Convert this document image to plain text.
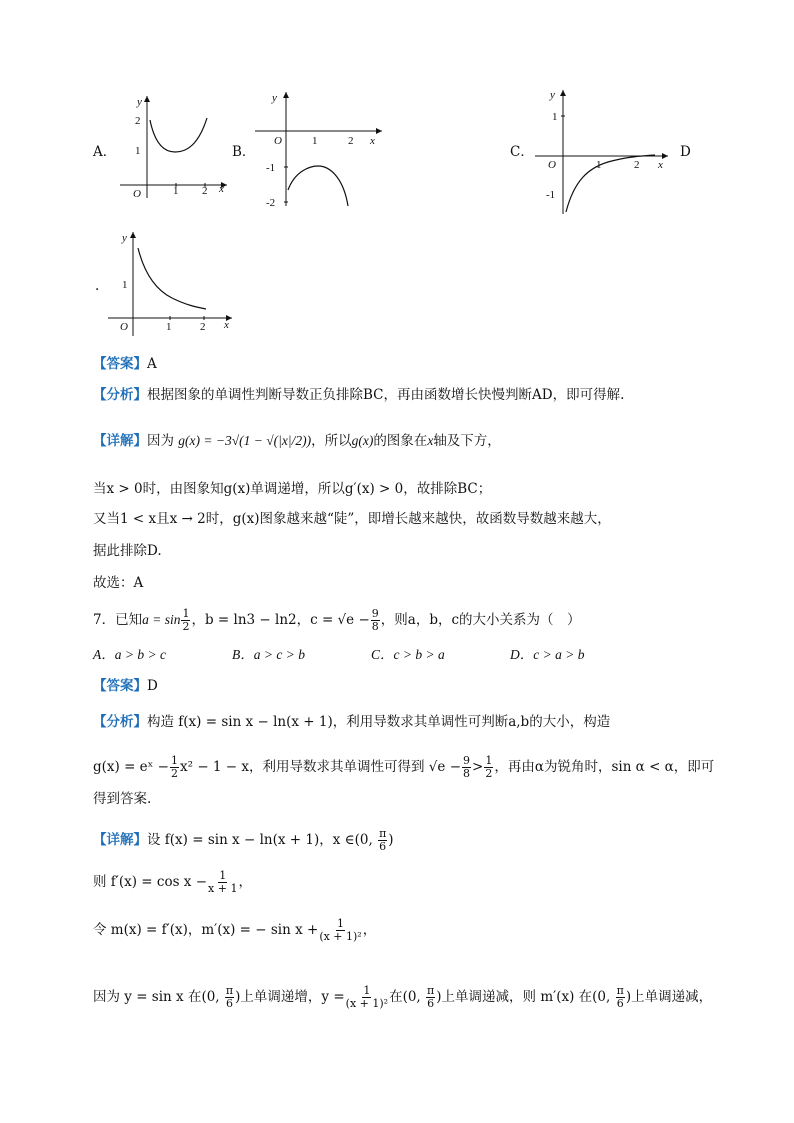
A．
y
x
O
2
1
1 2
B．
y
x
O	1	2
-1
-2
C．
y
x
O
1
-1
1	2
D
.
y
x
O
1
1	2
【答案】A
【分析】根据图象的单调性判断导数正负排除BC，再由函数增长快慢判断AD，即可得解.
【详解】因为 g(x) = −3√(1 − √(|x|/2))，所以g(x)的图象在x轴及下方，
当x > 0时，由图象知g(x)单调递增，所以g′(x) > 0，故排除BC；
又当1 < x且x → 2时，g(x)图象越来越“陡”，即增长越来越快，故函数导数越来越大，
据此排除D.
故选：A
7．已知$a = \sin \frac{1}{2}$ ，b = ln3 − ln2，$c = √e - \frac{9}{8}$ ，则a，b，c的大小关系为（　）
A．a > b > c	B．a > c > b	C．c > b > a	D．c > a > b
【答案】D
【分析】构造 f(x) = sin x − ln(x + 1)，利用导数求其单调性可判断a,b的大小，构造
g(x) = eˣ − $\frac{1}{2} x^2 - 1 - x$，利用导数求其单调性可得到 $√e - \frac{9}{8} > \frac{1}{2}$ ，再由α为锐角时，sin α < α，即可
得到答案.
【详解】设 f(x) = sin x − ln(x + 1)，x ∈(0, $\frac{\pi}{6}$ )
则 $f'(x) = \cos x - \frac{1}{x + 1}$ ，
令 m(x) = f′(x)，m′(x) = − $\sin x + \frac{1}{\text{(x + 1)²}}$ ，
因为 y = sin x 在(0, $\frac{\pi}{6}$ )上单调递增，$y = \frac{1}{\text{(x + 1)²}}$ 在(0, $\frac{\pi}{6}$ )上单调递减，则 m′(x) 在(0, $\frac{\pi}{6}$ )上单调递减，
